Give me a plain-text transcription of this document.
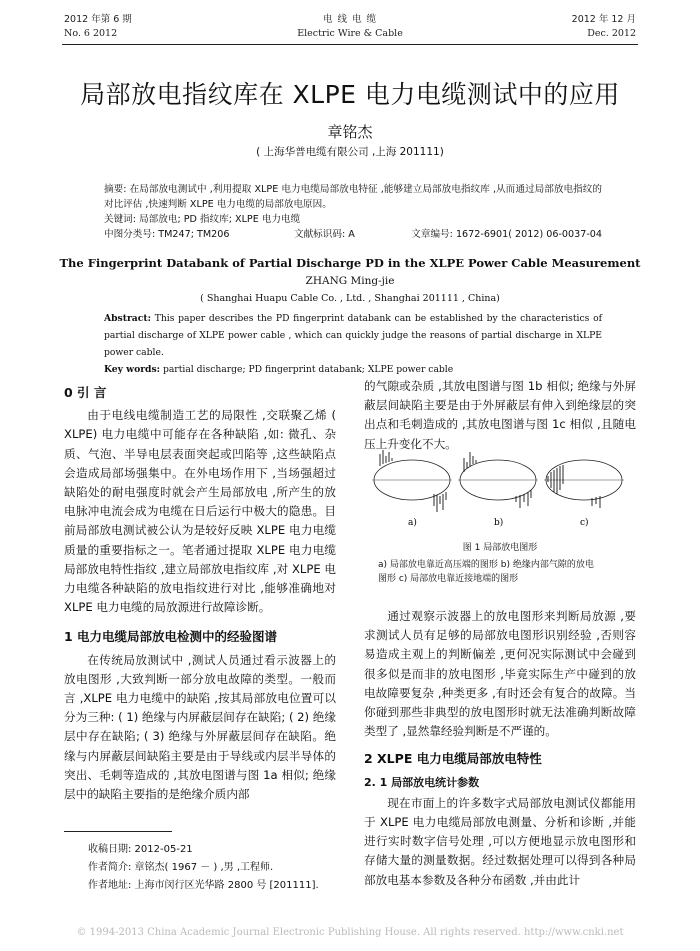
2012 年第 6 期
No. 6 2012
电 线 电 缆
Electric Wire & Cable
2012 年 12 月
Dec. 2012
局部放电指纹库在 XLPE 电力电缆测试中的应用
章铭杰
( 上海华普电缆有限公司 ,上海 201111)
摘要: 在局部放电测试中 ,利用提取 XLPE 电力电缆局部放电特征 ,能够建立局部放电指纹库 ,从而通过局部放电指纹的对比评估 ,快速判断 XLPE 电力电缆的局部放电原因。
关键词: 局部放电; PD 指纹库; XLPE 电力电缆
中图分类号: TM247; TM206	文献标识码: A	文章编号: 1672-6901( 2012) 06-0037-04
The Fingerprint Databank of Partial Discharge PD in the XLPE Power Cable Measurement
ZHANG Ming-jie
( Shanghai Huapu Cable Co. , Ltd. , Shanghai 201111 , China)
Abstract: This paper describes the PD fingerprint databank can be established by the characteristics of partial discharge of XLPE power cable , which can quickly judge the reasons of partial discharge in XLPE power cable.
Key words: partial discharge; PD fingerprint databank; XLPE power cable
0 引 言

由于电线电缆制造工艺的局限性 ,交联聚乙烯 ( XLPE) 电力电缆中可能存在各种缺陷 ,如: 微孔、杂质、气泡、半导电层表面突起或凹陷等 ,这些缺陷点会造成局部场强集中。在外电场作用下 ,当场强超过缺陷处的耐电强度时就会产生局部放电 ,所产生的放电脉冲电流会成为电缆在日后运行中极大的隐患。目前局部放电测试被公认为是较好反映 XLPE 电力电缆质量的重要指标之一。笔者通过提取 XLPE 电力电缆局部放电特性指纹 ,建立局部放电指纹库 ,对 XLPE 电力电缆各种缺陷的放电指纹进行对比 ,能够准确地对 XLPE 电力电缆的局放源进行故障诊断。

1 电力电缆局部放电检测中的经验图谱

在传统局放测试中 ,测试人员通过看示波器上的放电图形 ,大致判断一部分放电故障的类型。一般而言 ,XLPE 电力电缆中的缺陷 ,按其局部放电位置可以分为三种: ( 1) 绝缘与内屏蔽层间存在缺陷; ( 2) 绝缘层中存在缺陷; ( 3) 绝缘与外屏蔽层间存在缺陷。绝缘与内屏蔽层间缺陷主要是由于导线或内层半导体的突出、毛刺等造成的 ,其放电图谱与图 1a 相似; 绝缘层中的缺陷主要指的是绝缘介质内部

收稿日期: 2012-05-21
作者简介: 章铭杰( 1967 － ) ,男 ,工程师.
作者地址: 上海市闵行区光华路 2800 号 [201111].

的气隙或杂质 ,其放电图谱与图 1b 相似; 绝缘与外屏蔽层间缺陷主要是由于外屏蔽层有伸入到绝缘层的突出点和毛刺造成的 ,其放电图谱与图 1c 相似 ,且随电压上升变化不大。

a)	b)	c)
图 1 局部放电图形
a) 局部放电靠近高压端的图形 b) 绝缘内部气隙的放电
图形 c) 局部放电靠近接地端的图形

通过观察示波器上的放电图形来判断局放源 ,要求测试人员有足够的局部放电图形识别经验 ,否则容易造成主观上的判断偏差 ,更何况实际测试中会碰到很多似是而非的放电图形 ,毕竟实际生产中碰到的放电故障要复杂 ,种类更多 ,有时还会有复合的故障。当你碰到那些非典型的放电图形时就无法准确判断故障类型了 ,显然靠经验判断是不严谨的。

2 XLPE 电力电缆局部放电特性
2. 1 局部放电统计参数

现在市面上的许多数字式局部放电测试仪都能用于 XLPE 电力电缆局部放电测量、分析和诊断 ,并能进行实时数字信号处理 ,可以方便地显示放电图形和存储大量的测量数据。经过数据处理可以得到各种局部放电基本参数及各种分布函数 ,并由此计

© 1994-2013 China Academic Journal Electronic Publishing House. All rights reserved. http://www.cnki.net
